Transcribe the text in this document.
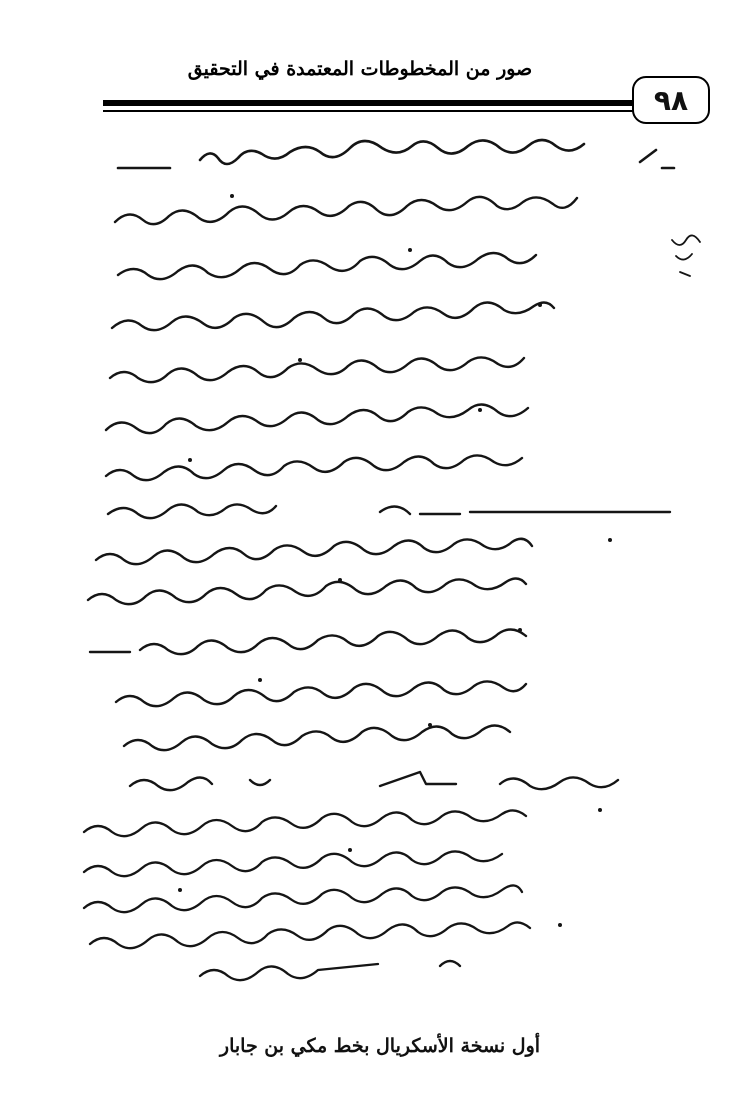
صور من المخطوطات المعتمدة في التحقيق
٩٨
أول نسخة الأسكريال بخط مكي بن جابار
